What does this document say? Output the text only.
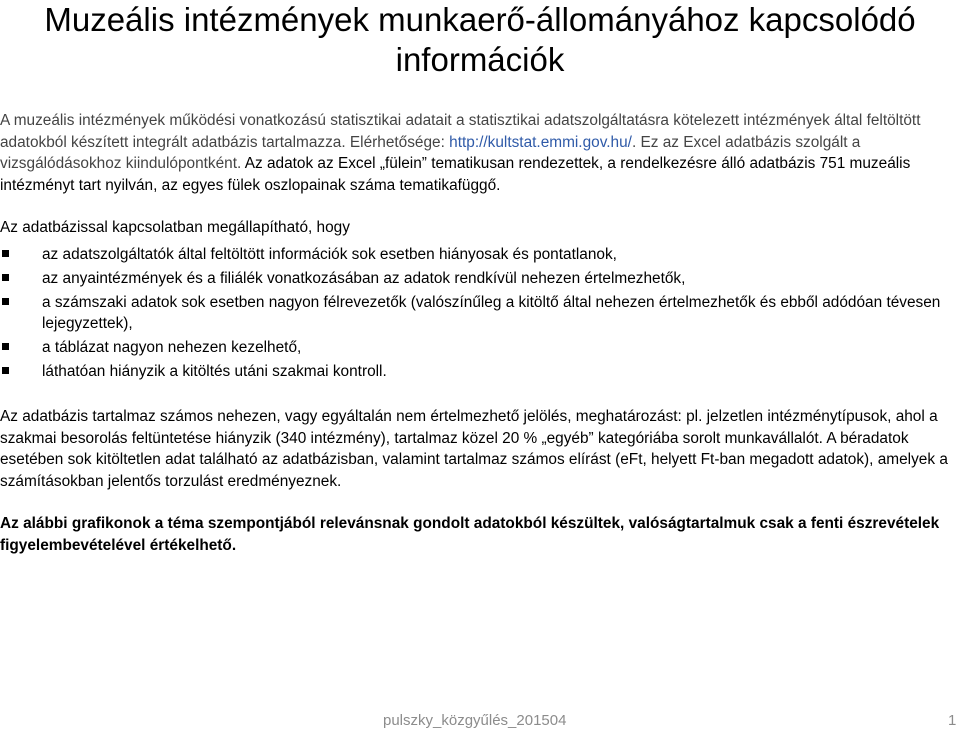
Muzeális intézmények munkaerő-állományához kapcsolódó
információk

A muzeális intézmények működési vonatkozású statisztikai adatait a statisztikai adatszolgáltatásra kötelezett intézmények által feltöltött adatokból készített integrált adatbázis tartalmazza. Elérhetősége: http://kultstat.emmi.gov.hu/. Ez az Excel adatbázis szolgált a vizsgálódásokhoz kiindulópontként. Az adatok az Excel „fülein” tematikusan rendezettek, a rendelkezésre álló adatbázis 751 muzeális intézményt tart nyilván, az egyes fülek oszlopainak száma tematikafüggő.

Az adatbázissal kapcsolatban megállapítható, hogy

az adatszolgáltatók által feltöltött információk sok esetben hiányosak és pontatlanok,
az anyaintézmények és a filiálék vonatkozásában az adatok rendkívül nehezen értelmezhetők,
a számszaki adatok sok esetben nagyon félrevezetők (valószínűleg a kitöltő által nehezen értelmezhetők és ebből adódóan tévesen lejegyzettek),
a táblázat nagyon nehezen kezelhető,
láthatóan hiányzik a kitöltés utáni szakmai kontroll.

Az adatbázis tartalmaz számos nehezen, vagy egyáltalán nem értelmezhető jelölés, meghatározást: pl. jelzetlen intézménytípusok, ahol a szakmai besorolás feltüntetése hiányzik (340 intézmény), tartalmaz közel 20 % „egyéb” kategóriába sorolt munkavállalót. A béradatok esetében sok kitöltetlen adat található az adatbázisban, valamint tartalmaz számos elírást (eFt, helyett Ft-ban megadott adatok), amelyek a számításokban jelentős torzulást eredményeznek.

Az alábbi grafikonok a téma szempontjából relevánsnak gondolt adatokból készültek, valóságtartalmuk csak a fenti észrevételek figyelembevételével értékelhető.

pulszky_közgyűlés_201504	1
